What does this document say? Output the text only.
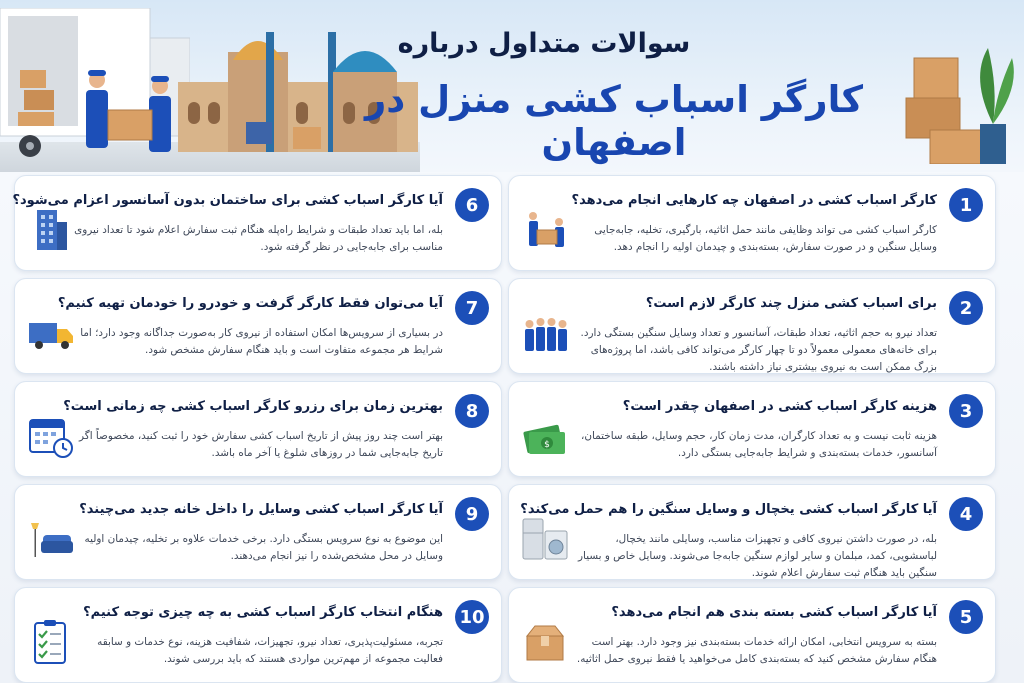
سوالات متداول درباره
کارگر اسباب کشی منزل در اصفهان
1
کارگر اسباب کشی در اصفهان چه کارهایی انجام می‌دهد؟
کارگر اسباب کشی می تواند وظایفی مانند حمل اثاثیه، بارگیری، تخلیه، جابه‌جایی وسایل سنگین و در صورت سفارش، بسته‌بندی و چیدمان اولیه را انجام دهد.
2
برای اسباب کشی منزل چند کارگر لازم است؟
تعداد نیرو به حجم اثاثیه، تعداد طبقات، آسانسور و تعداد وسایل سنگین بستگی دارد. برای خانه‌های معمولی معمولاً دو تا چهار کارگر می‌تواند کافی باشد، اما پروژه‌های بزرگ ممکن است به نیروی بیشتری نیاز داشته باشند.
3
هزینه کارگر اسباب کشی در اصفهان چقدر است؟
هزینه ثابت نیست و به تعداد کارگران، مدت زمان کار، حجم وسایل، طبقه ساختمان، آسانسور، خدمات بسته‌بندی و شرایط جابه‌جایی بستگی دارد.
$
4
آیا کارگر اسباب کشی یخچال و وسایل سنگین را هم حمل می‌کند؟
بله، در صورت داشتن نیروی کافی و تجهیزات مناسب، وسایلی مانند یخچال، لباسشویی، کمد، مبلمان و سایر لوازم سنگین جابه‌جا می‌شوند. وسایل خاص و بسیار سنگین باید هنگام ثبت سفارش اعلام شوند.
5
آیا کارگر اسباب کشی بسته بندی هم انجام می‌دهد؟
بسته به سرویس انتخابی، امکان ارائه خدمات بسته‌بندی نیز وجود دارد. بهتر است هنگام سفارش مشخص کنید که بسته‌بندی کامل می‌خواهید یا فقط نیروی حمل اثاثیه.
6
آیا کارگر اسباب کشی برای ساختمان بدون آسانسور اعزام می‌شود؟
بله، اما باید تعداد طبقات و شرایط راه‌پله هنگام ثبت سفارش اعلام شود تا تعداد نیروی مناسب برای جابه‌جایی در نظر گرفته شود.
7
آیا می‌توان فقط کارگر گرفت و خودرو را خودمان تهیه کنیم؟
در بسیاری از سرویس‌ها امکان استفاده از نیروی کار به‌صورت جداگانه وجود دارد؛ اما شرایط هر مجموعه متفاوت است و باید هنگام سفارش مشخص شود.
8
بهترین زمان برای رزرو کارگر اسباب کشی چه زمانی است؟
بهتر است چند روز پیش از تاریخ اسباب کشی سفارش خود را ثبت کنید، مخصوصاً اگر تاریخ جابه‌جایی شما در روزهای شلوغ یا آخر ماه باشد.
9
آیا کارگر اسباب کشی وسایل را داخل خانه جدید می‌چیند؟
این موضوع به نوع سرویس بستگی دارد. برخی خدمات علاوه بر تخلیه، چیدمان اولیه وسایل در محل مشخص‌شده را نیز انجام می‌دهند.
10
هنگام انتخاب کارگر اسباب کشی به چه چیزی توجه کنیم؟
تجربه، مسئولیت‌پذیری، تعداد نیرو، تجهیزات، شفافیت هزینه، نوع خدمات و سابقه فعالیت مجموعه از مهم‌ترین مواردی هستند که باید بررسی شوند.
